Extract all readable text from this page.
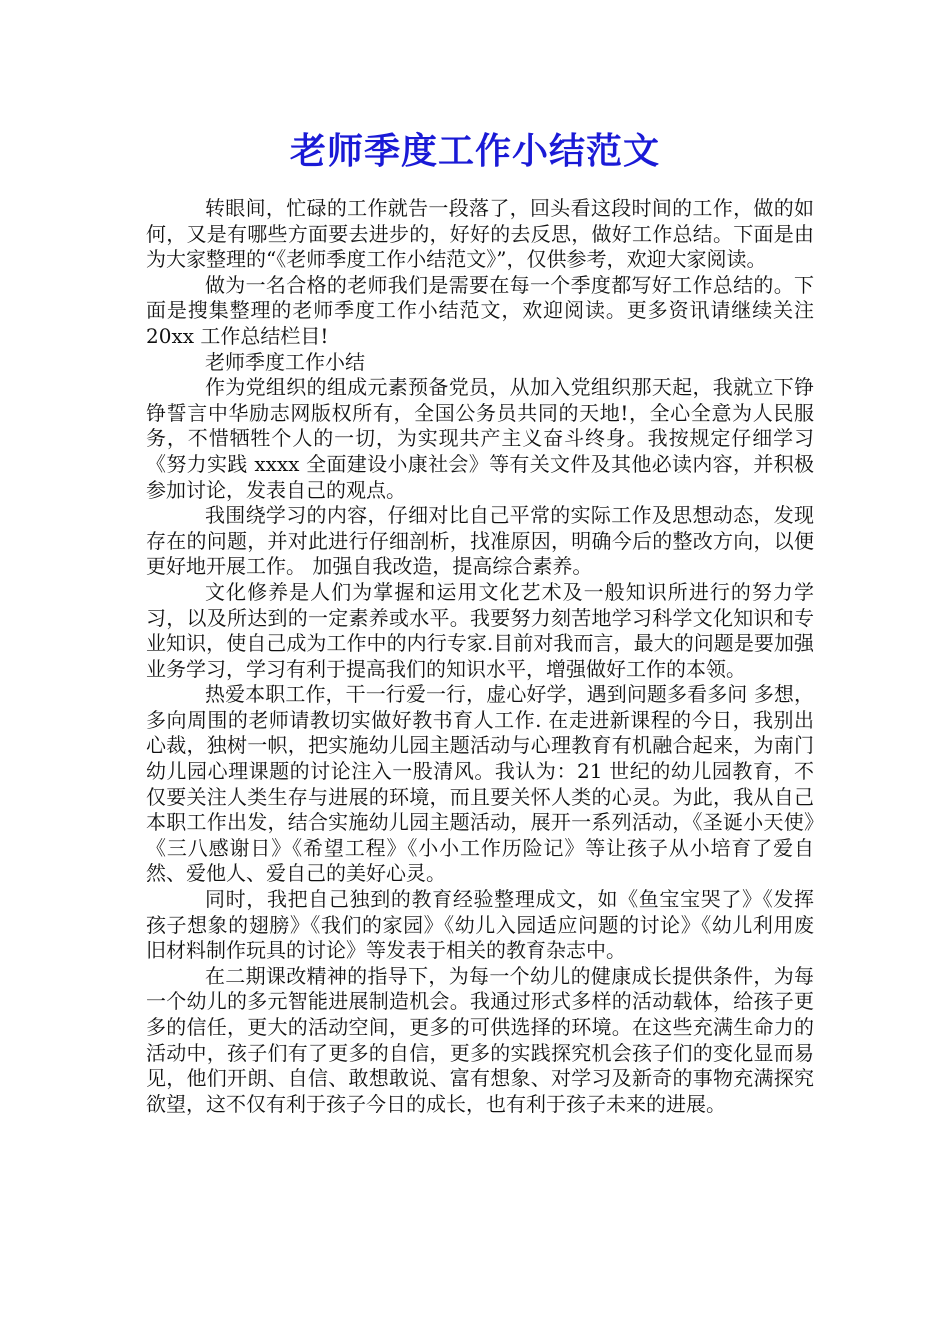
老师季度工作小结范文

转眼间，忙碌的工作就告一段落了，回头看这段时间的工作，做的如何，又是有哪些方面要去进步的，好好的去反思，做好工作总结。下面是由为大家整理的“《老师季度工作小结范文》”，仅供参考，欢迎大家阅读。

做为一名合格的老师我们是需要在每一个季度都写好工作总结的。下面是搜集整理的老师季度工作小结范文，欢迎阅读。更多资讯请继续关注 20xx 工作总结栏目!

老师季度工作小结

作为党组织的组成元素预备党员，从加入党组织那天起，我就立下铮铮誓言中华励志网版权所有，全国公务员共同的天地!，全心全意为人民服务，不惜牺牲个人的一切，为实现共产主义奋斗终身。我按规定仔细学习《努力实践 xxxx 全面建设小康社会》等有关文件及其他必读内容，并积极参加讨论，发表自己的观点。

我围绕学习的内容，仔细对比自己平常的实际工作及思想动态，发现存在的问题，并对此进行仔细剖析，找准原因，明确今后的整改方向，以便更好地开展工作。 加强自我改造，提高综合素养。

文化修养是人们为掌握和运用文化艺术及一般知识所进行的努力学习，以及所达到的一定素养或水平。我要努力刻苦地学习科学文化知识和专业知识，使自己成为工作中的内行专家.目前对我而言，最大的问题是要加强业务学习，学习有利于提高我们的知识水平，增强做好工作的本领。

热爱本职工作，干一行爱一行，虚心好学，遇到问题多看多问 多想，多向周围的老师请教切实做好教书育人工作. 在走进新课程的今日，我别出心裁，独树一帜，把实施幼儿园主题活动与心理教育有机融合起来，为南门幼儿园心理课题的讨论注入一股清风。我认为：21 世纪的幼儿园教育，不仅要关注人类生存与进展的环境，而且要关怀人类的心灵。为此，我从自己本职工作出发，结合实施幼儿园主题活动，展开一系列活动，《圣诞小天使》《三八感谢日》《希望工程》《小小工作历险记》等让孩子从小培育了爱自然、爱他人、爱自己的美好心灵。

同时，我把自己独到的教育经验整理成文，如《鱼宝宝哭了》《发挥孩子想象的翅膀》《我们的家园》《幼儿入园适应问题的讨论》《幼儿利用废旧材料制作玩具的讨论》等发表于相关的教育杂志中。

在二期课改精神的指导下，为每一个幼儿的健康成长提供条件，为每一个幼儿的多元智能进展制造机会。我通过形式多样的活动载体，给孩子更多的信任，更大的活动空间，更多的可供选择的环境。在这些充满生命力的活动中，孩子们有了更多的自信，更多的实践探究机会孩子们的变化显而易见，他们开朗、自信、敢想敢说、富有想象、对学习及新奇的事物充满探究欲望，这不仅有利于孩子今日的成长，也有利于孩子未来的进展。
